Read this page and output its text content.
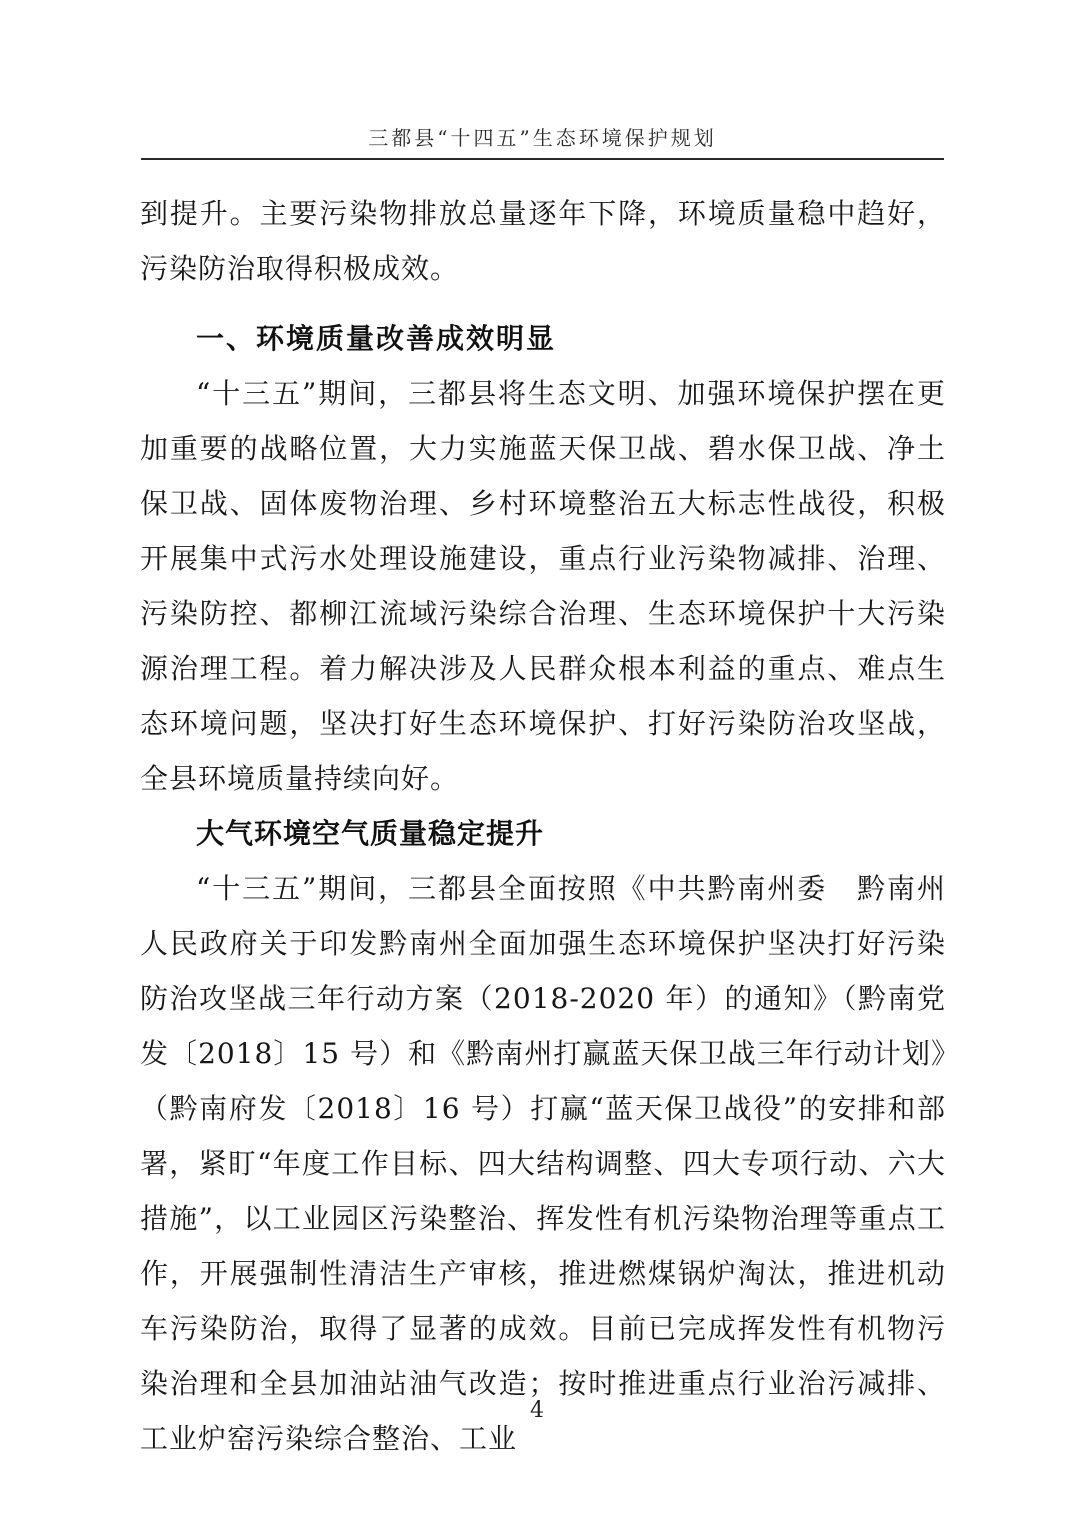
三都县“十四五”生态环境保护规划

到提升。主要污染物排放总量逐年下降，环境质量稳中趋好，污染防治取得积极成效。

一、环境质量改善成效明显

“十三五”期间，三都县将生态文明、加强环境保护摆在更加重要的战略位置，大力实施蓝天保卫战、碧水保卫战、净土保卫战、固体废物治理、乡村环境整治五大标志性战役，积极开展集中式污水处理设施建设，重点行业污染物减排、治理、污染防控、都柳江流域污染综合治理、生态环境保护十大污染源治理工程。着力解决涉及人民群众根本利益的重点、难点生态环境问题，坚决打好生态环境保护、打好污染防治攻坚战，全县环境质量持续向好。

大气环境空气质量稳定提升

“十三五”期间，三都县全面按照《中共黔南州委　黔南州人民政府关于印发黔南州全面加强生态环境保护坚决打好污染防治攻坚战三年行动方案（2018-2020 年）的通知》（黔南党发〔2018〕15 号）和《黔南州打赢蓝天保卫战三年行动计划》（黔南府发〔2018〕16 号）打赢“蓝天保卫战役”的安排和部署，紧盯“年度工作目标、四大结构调整、四大专项行动、六大措施”，以工业园区污染整治、挥发性有机污染物治理等重点工作，开展强制性清洁生产审核，推进燃煤锅炉淘汰，推进机动车污染防治，取得了显著的成效。目前已完成挥发性有机物污染治理和全县加油站油气改造；按时推进重点行业治污减排、工业炉窑污染综合整治、工业

4
